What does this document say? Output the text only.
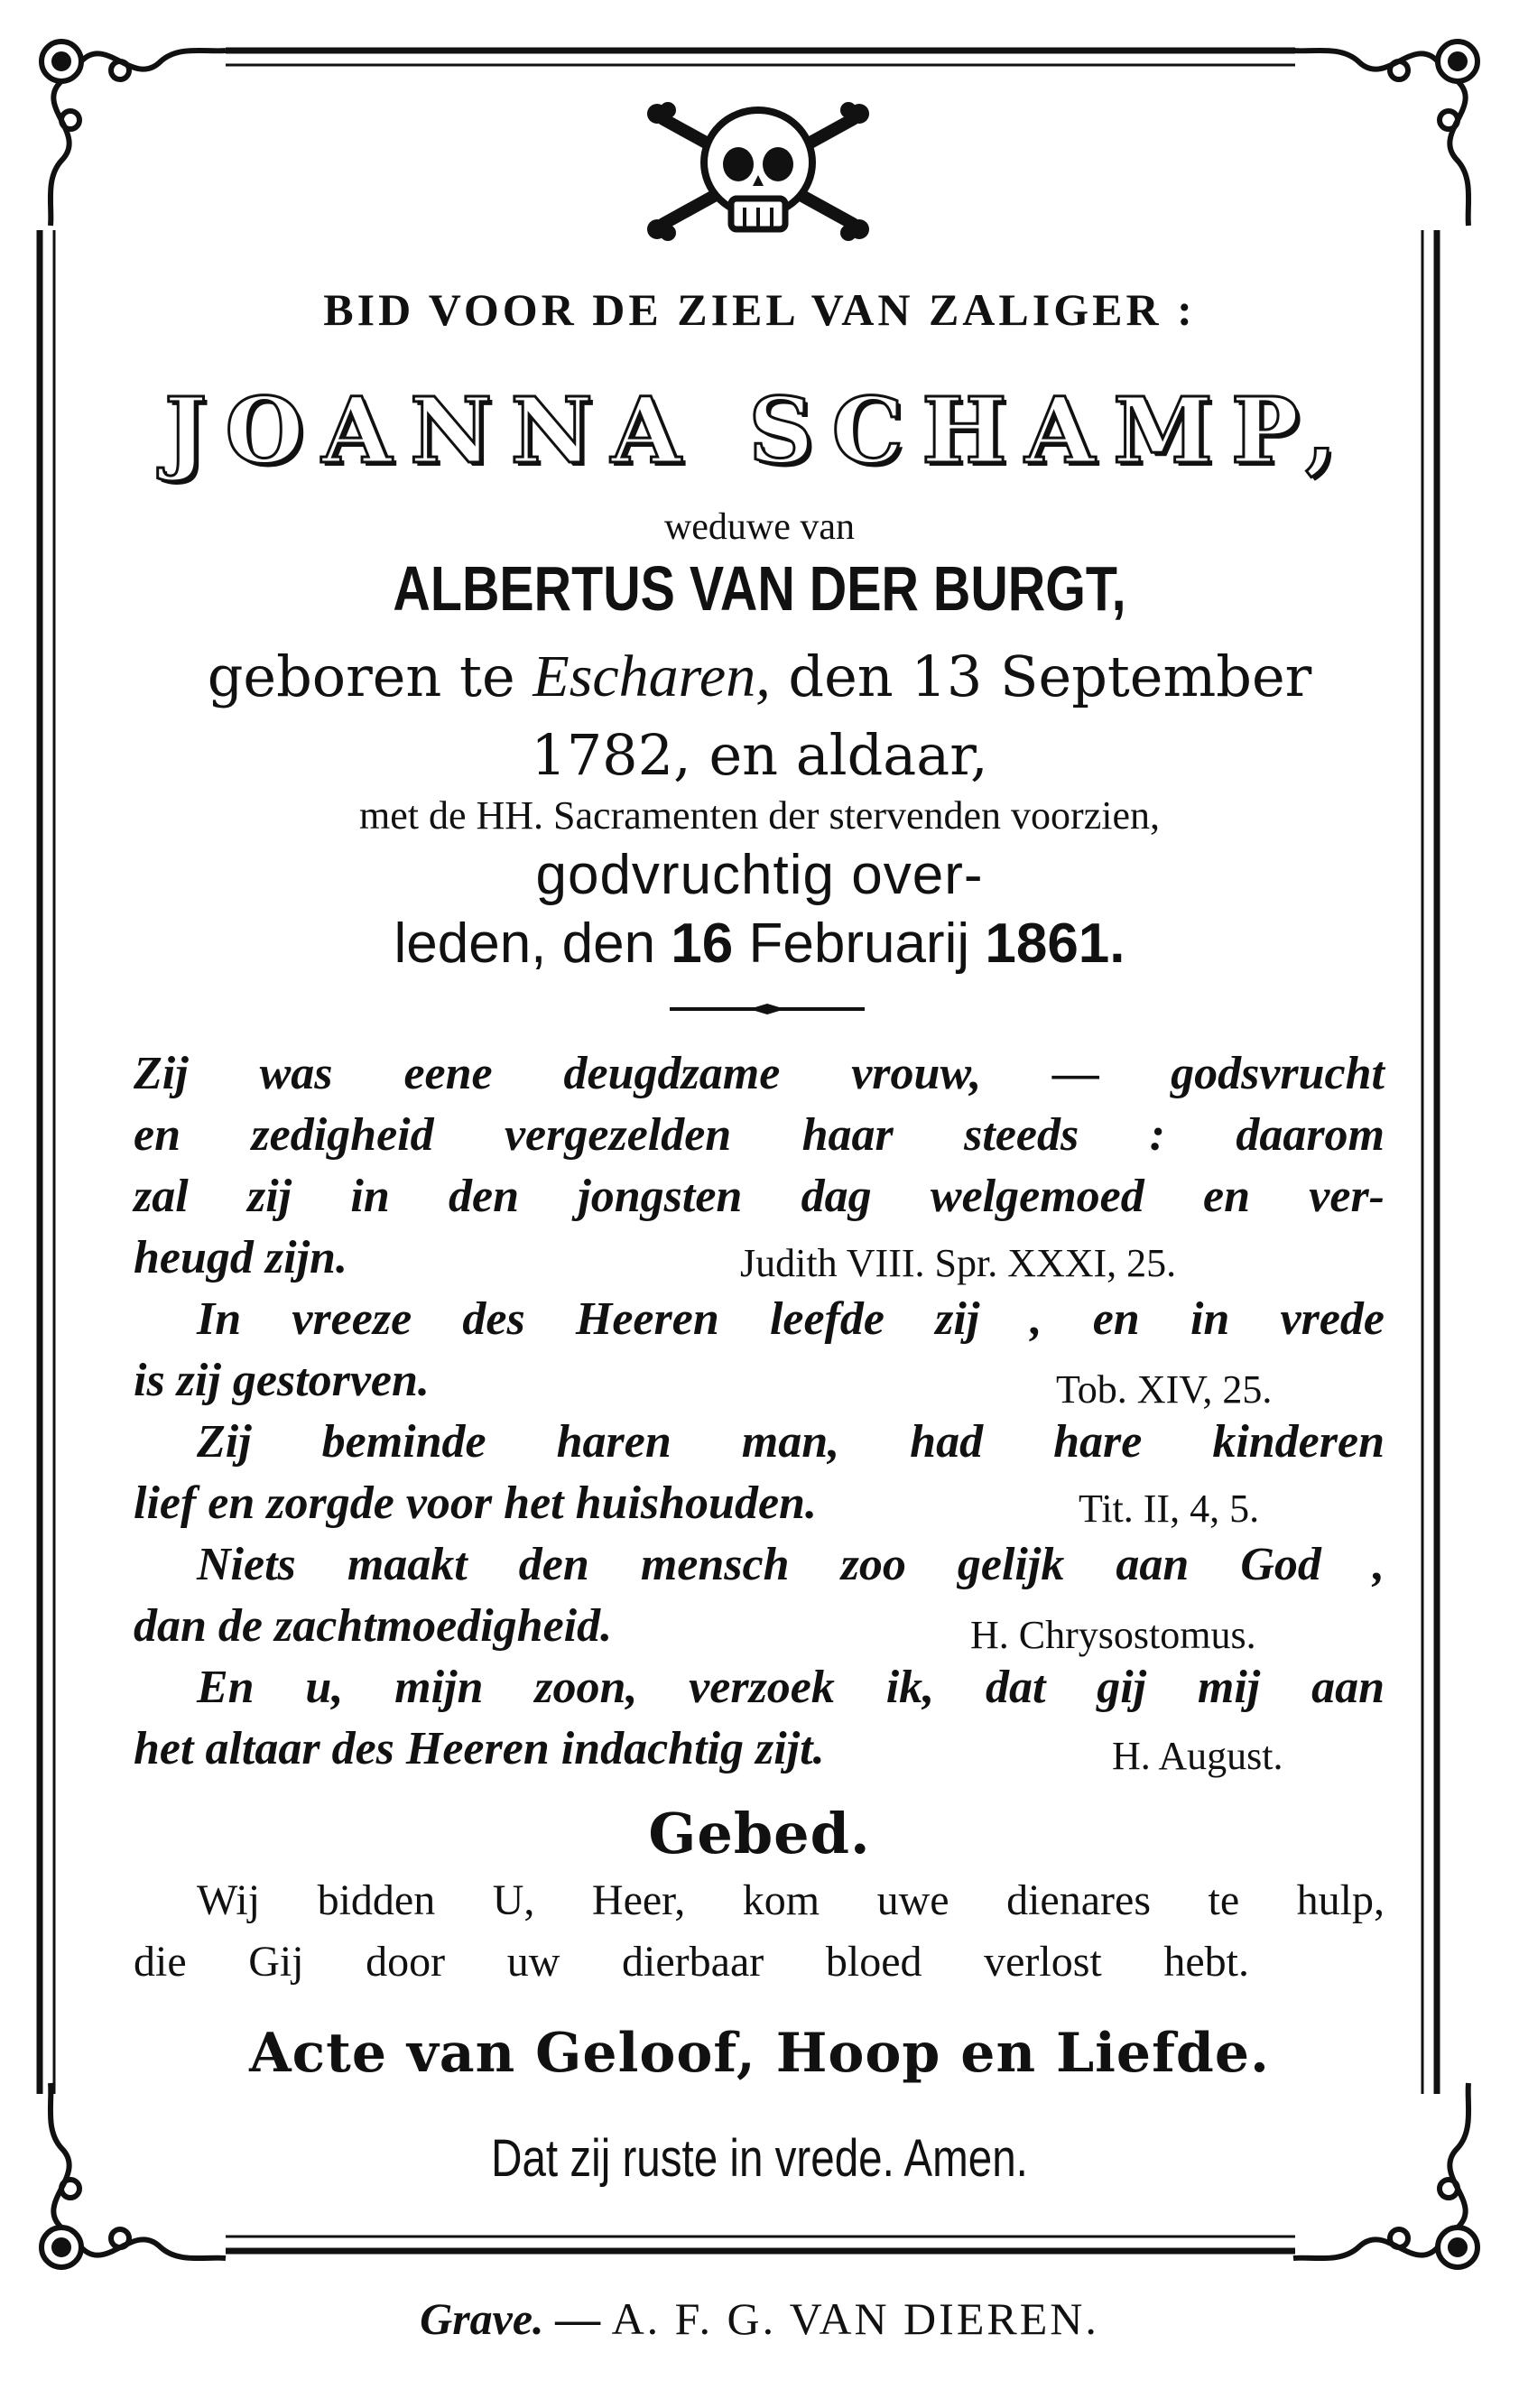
BID VOOR DE ZIEL VAN ZALIGER :
JOANNA SCHAMP,
weduwe van
ALBERTUS VAN DER BURGT,
geboren te Escharen, den 13 September
1782, en aldaar,
met de HH. Sacramenten der stervenden voorzien,
godvruchtig over-
leden, den 16 Februarij 1861.
Zij was eene deugdzame vrouw, — godsvrucht
en zedigheid vergezelden haar steeds : daarom
zal zij in den jongsten dag welgemoed en ver-
heugd zijn.	Judith VIII. Spr. XXXI, 25.
In vreeze des Heeren leefde zij , en in vrede
is zij gestorven.	Tob. XIV, 25.
Zij beminde haren man, had hare kinderen
lief en zorgde voor het huishouden.	Tit. II, 4, 5.
Niets maakt den mensch zoo gelijk aan God ,
dan de zachtmoedigheid.	H. Chrysostomus.
En u, mijn zoon, verzoek ik, dat gij mij aan
het altaar des Heeren indachtig zijt.	H. August.
Gebed.
Wij bidden U, Heer, kom uwe dienares te hulp,
die Gij door uw dierbaar bloed verlost hebt.
Acte van Geloof, Hoop en Liefde.
Dat zij ruste in vrede. Amen.
Grave. — A. F. G. VAN DIEREN.
